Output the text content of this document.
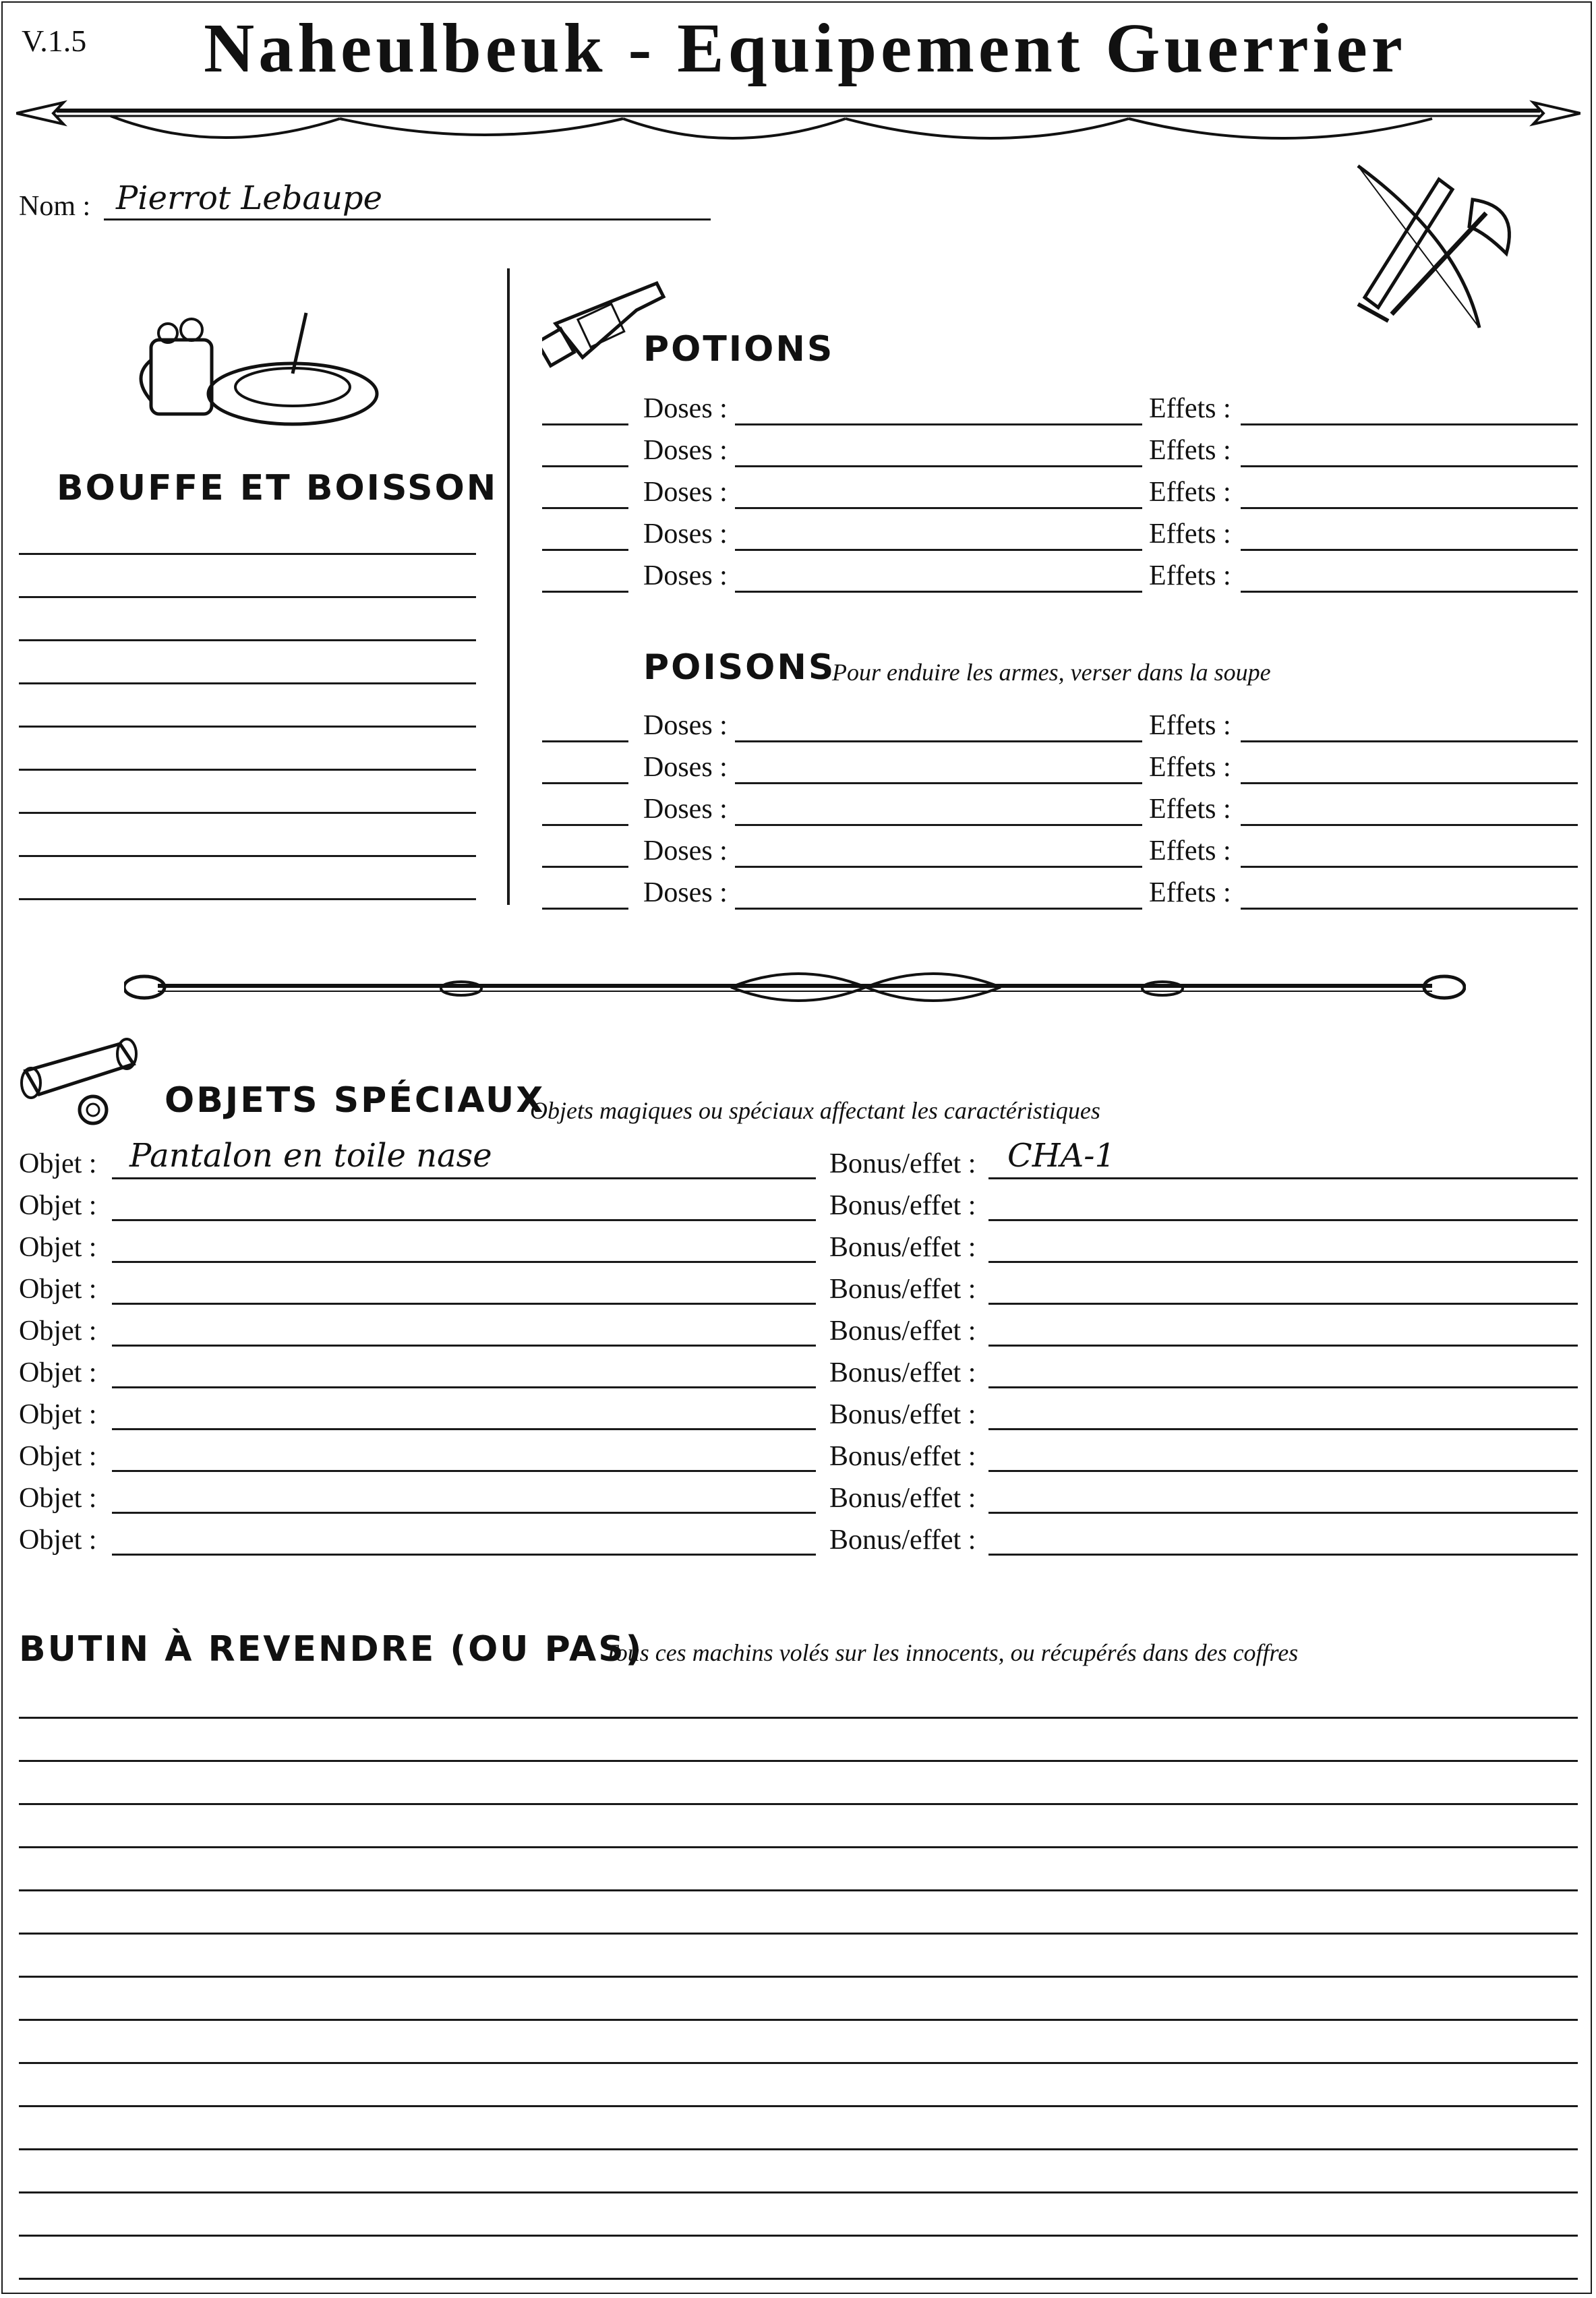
V.1.5	Naheulbeuk - Equipement Guerrier
Nom : Pierrot Lebaupe
BOUFFE ET BOISSON
POTIONS
Doses :	Effets :
Doses :	Effets :
Doses :	Effets :
Doses :	Effets :
Doses :	Effets :
POISONS
Pour enduire les armes, verser dans la soupe
Doses :	Effets :
Doses :	Effets :
Doses :	Effets :
Doses :	Effets :
Doses :	Effets :
OBJETS SPÉCIAUX
Objets magiques ou spéciaux affectant les caractéristiques
Objet : Pantalon en toile nase	Bonus/effet : CHA-1
Objet :	Bonus/effet :
Objet :	Bonus/effet :
Objet :	Bonus/effet :
Objet :	Bonus/effet :
Objet :	Bonus/effet :
Objet :	Bonus/effet :
Objet :	Bonus/effet :
Objet :	Bonus/effet :
Objet :	Bonus/effet :
BUTIN À REVENDRE (OU PAS)
Tous ces machins volés sur les innocents, ou récupérés dans des coffres
